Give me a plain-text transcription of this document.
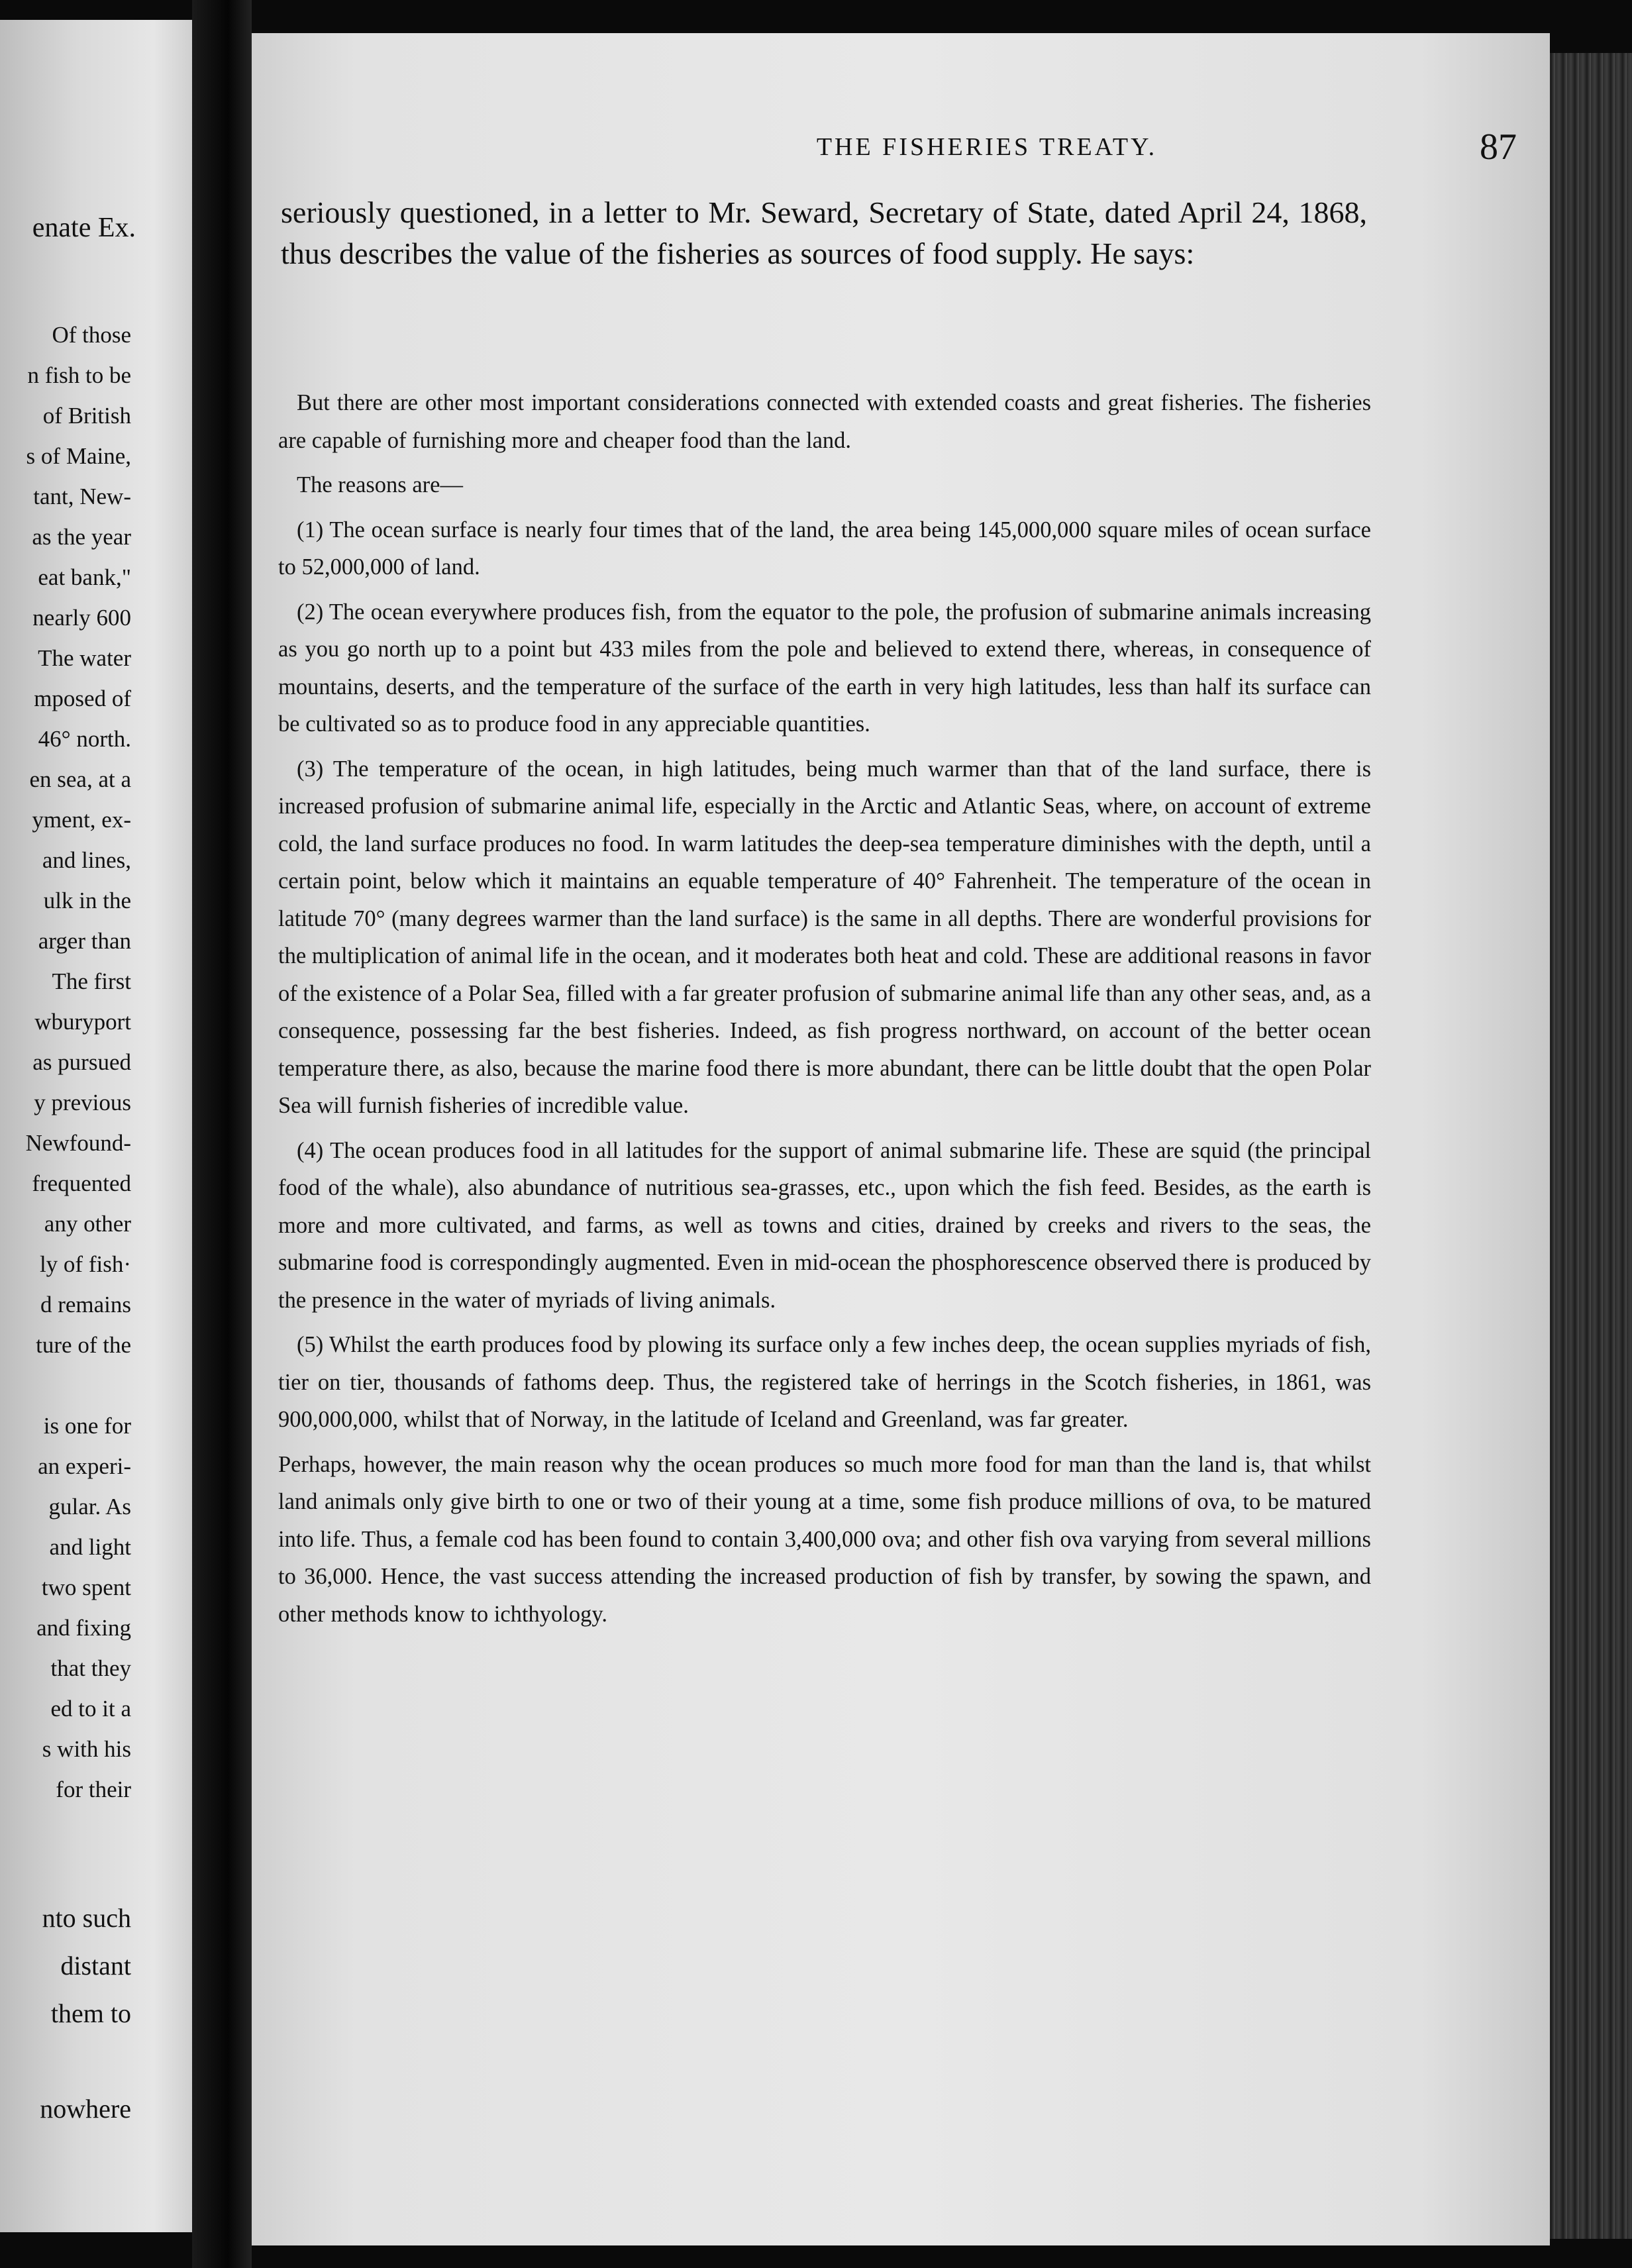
enate Ex.
Of those
n fish to be
of British
s of Maine,
tant, New-
as the year
eat bank,"
nearly 600
The water
mposed of
46° north.
en sea, at a
yment, ex-
and lines,
ulk in the
arger than
The first
wburyport
as pursued
y previous
Newfound-
frequented
any other
ly of fish·
d remains
ture of the
is one for
an experi-
gular. As
and light
two spent
and fixing
that they
ed to it a
s with his
for their
nto such
distant
them to
nowhere
THE FISHERIES TREATY.	87
seriously questioned, in a letter to Mr. Seward, Secretary of State, dated April 24, 1868, thus describes the value of the fisheries as sources of food supply. He says:

But there are other most important considerations connected with extended coasts and great fisheries. The fisheries are capable of furnishing more and cheaper food than the land.

The reasons are—

(1) The ocean surface is nearly four times that of the land, the area being 145,000,000 square miles of ocean surface to 52,000,000 of land.

(2) The ocean everywhere produces fish, from the equator to the pole, the profusion of submarine animals increasing as you go north up to a point but 433 miles from the pole and believed to extend there, whereas, in consequence of mountains, deserts, and the temperature of the surface of the earth in very high latitudes, less than half its surface can be cultivated so as to produce food in any appreciable quantities.

(3) The temperature of the ocean, in high latitudes, being much warmer than that of the land surface, there is increased profusion of submarine animal life, especially in the Arctic and Atlantic Seas, where, on account of extreme cold, the land surface produces no food. In warm latitudes the deep-sea temperature diminishes with the depth, until a certain point, below which it maintains an equable temperature of 40° Fahrenheit. The temperature of the ocean in latitude 70° (many degrees warmer than the land surface) is the same in all depths. There are wonderful provisions for the multiplication of animal life in the ocean, and it moderates both heat and cold. These are additional reasons in favor of the existence of a Polar Sea, filled with a far greater profusion of submarine animal life than any other seas, and, as a consequence, possessing far the best fisheries. Indeed, as fish progress northward, on account of the better ocean temperature there, as also, because the marine food there is more abundant, there can be little doubt that the open Polar Sea will furnish fisheries of incredible value.

(4) The ocean produces food in all latitudes for the support of animal submarine life. These are squid (the principal food of the whale), also abundance of nutritious sea-grasses, etc., upon which the fish feed. Besides, as the earth is more and more cultivated, and farms, as well as towns and cities, drained by creeks and rivers to the seas, the submarine food is correspondingly augmented. Even in mid-ocean the phosphorescence observed there is produced by the presence in the water of myriads of living animals.

(5) Whilst the earth produces food by plowing its surface only a few inches deep, the ocean supplies myriads of fish, tier on tier, thousands of fathoms deep. Thus, the registered take of herrings in the Scotch fisheries, in 1861, was 900,000,000, whilst that of Norway, in the latitude of Iceland and Greenland, was far greater.

Perhaps, however, the main reason why the ocean produces so much more food for man than the land is, that whilst land animals only give birth to one or two of their young at a time, some fish produce millions of ova, to be matured into life. Thus, a female cod has been found to contain 3,400,000 ova; and other fish ova varying from several millions to 36,000. Hence, the vast success attending the increased production of fish by transfer, by sowing the spawn, and other methods know to ichthyology.
